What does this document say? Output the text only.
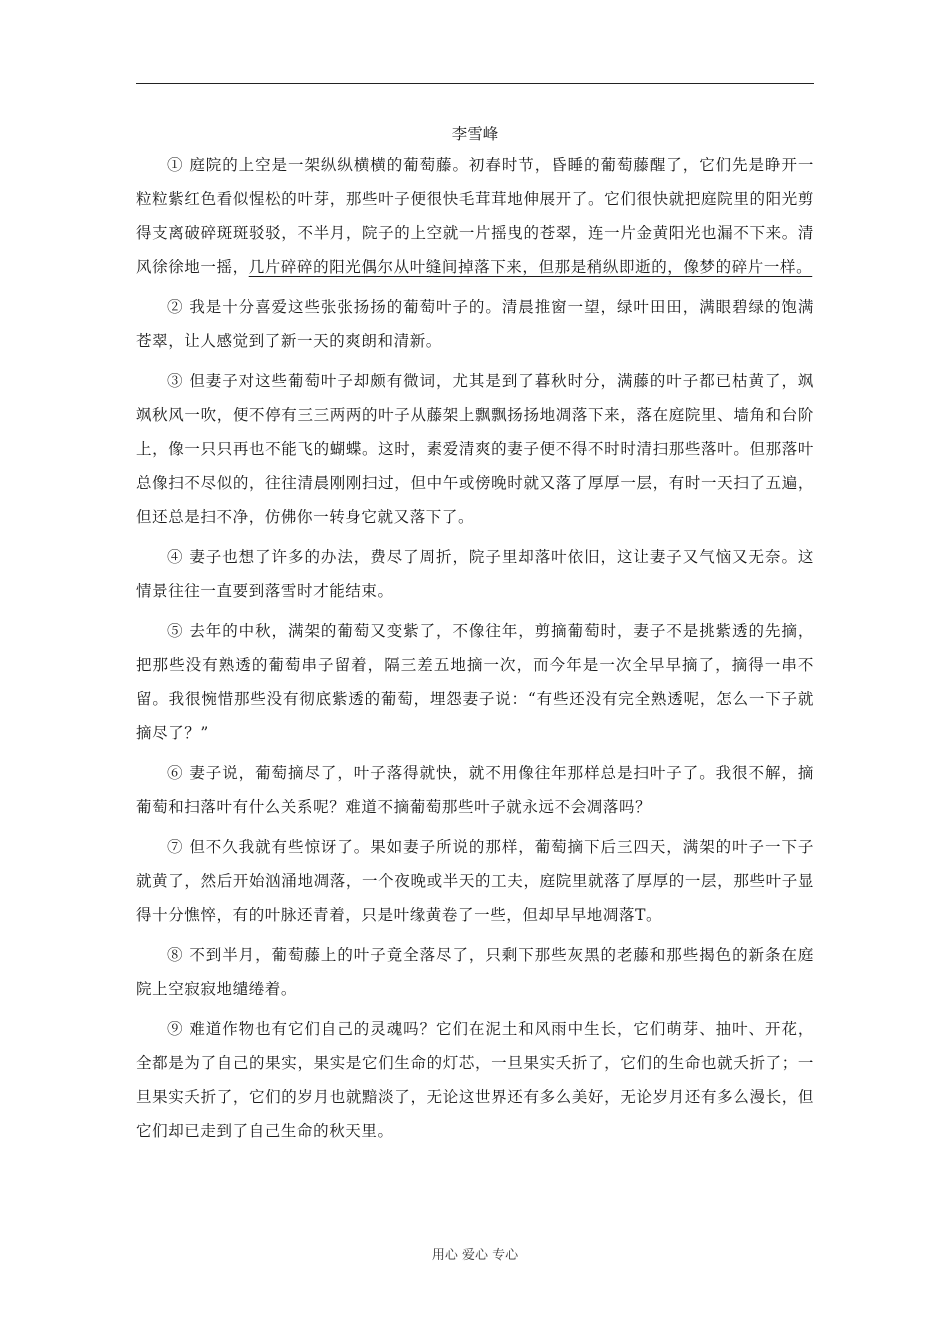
李雪峰

① 庭院的上空是一架纵纵横横的葡萄藤。初春时节，昏睡的葡萄藤醒了，它们先是睁开一粒粒紫红色看似惺松的叶芽，那些叶子便很快毛茸茸地伸展开了。它们很快就把庭院里的阳光剪得支离破碎斑斑驳驳，不半月，院子的上空就一片摇曳的苍翠，连一片金黄阳光也漏不下来。清风徐徐地一摇，几片碎碎的阳光偶尔从叶缝间掉落下来，但那是稍纵即逝的，像梦的碎片一样。

② 我是十分喜爱这些张张扬扬的葡萄叶子的。清晨推窗一望，绿叶田田，满眼碧绿的饱满苍翠，让人感觉到了新一天的爽朗和清新。

③ 但妻子对这些葡萄叶子却颇有微词，尤其是到了暮秋时分，满藤的叶子都已枯黄了，飒飒秋风一吹，便不停有三三两两的叶子从藤架上飘飘扬扬地凋落下来，落在庭院里、墙角和台阶上，像一只只再也不能飞的蝴蝶。这时，素爱清爽的妻子便不得不时时清扫那些落叶。但那落叶总像扫不尽似的，往往清晨刚刚扫过，但中午或傍晚时就又落了厚厚一层，有时一天扫了五遍，但还总是扫不净，仿佛你一转身它就又落下了。

④ 妻子也想了许多的办法，费尽了周折，院子里却落叶依旧，这让妻子又气恼又无奈。这情景往往一直要到落雪时才能结束。

⑤ 去年的中秋，满架的葡萄又变紫了，不像往年，剪摘葡萄时，妻子不是挑紫透的先摘，把那些没有熟透的葡萄串子留着，隔三差五地摘一次，而今年是一次全早早摘了，摘得一串不留。我很惋惜那些没有彻底紫透的葡萄，埋怨妻子说：“有些还没有完全熟透呢，怎么一下子就摘尽了？”

⑥ 妻子说，葡萄摘尽了，叶子落得就快，就不用像往年那样总是扫叶子了。我很不解，摘葡萄和扫落叶有什么关系呢？难道不摘葡萄那些叶子就永远不会凋落吗？

⑦ 但不久我就有些惊讶了。果如妻子所说的那样，葡萄摘下后三四天，满架的叶子一下子就黄了，然后开始汹涌地凋落，一个夜晚或半天的工夫，庭院里就落了厚厚的一层，那些叶子显得十分憔悴，有的叶脉还青着，只是叶缘黄卷了一些，但却早早地凋落T。

⑧ 不到半月，葡萄藤上的叶子竟全落尽了，只剩下那些灰黑的老藤和那些揭色的新条在庭院上空寂寂地缱绻着。

⑨ 难道作物也有它们自己的灵魂吗？它们在泥土和风雨中生长，它们萌芽、抽叶、开花，全都是为了自己的果实，果实是它们生命的灯芯，一旦果实夭折了，它们的生命也就夭折了；一旦果实夭折了，它们的岁月也就黯淡了，无论这世界还有多么美好，无论岁月还有多么漫长，但它们却已走到了自己生命的秋天里。

用心 爱心 专心
